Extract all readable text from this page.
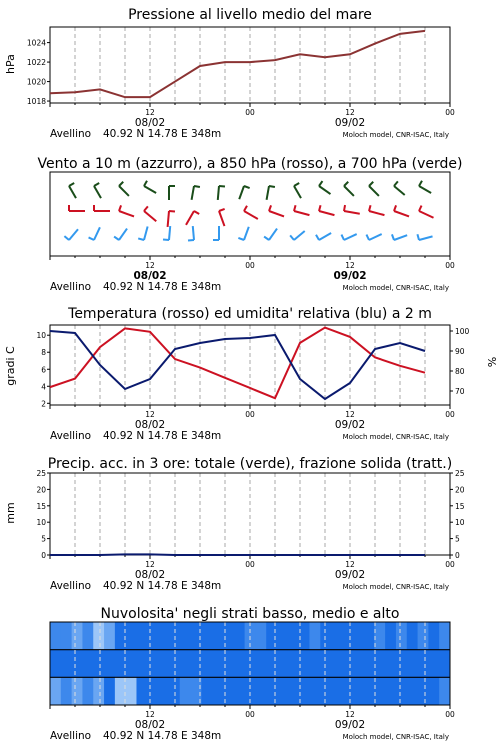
Pressione al livello medio del mare
Vento a 10 m (azzurro), a 850 hPa (rosso), a 700 hPa (verde)
Temperatura (rosso) ed umidita' relativa (blu) a 2 m
Precip. acc. in 3 ore: totale (verde), frazione solida (tratt.)
Nuvolosita' negli strati basso, medio e alto
hPa
gradi C	%
mm
1018
1020
1022
1024
12	00	12	00
08/02	09/02
Avellino 40.92 N 14.78 E 348m	Moloch model, CNR-ISAC, Italy
12	00	12	00
08/02	09/02
Avellino 40.92 N 14.78 E 348m	Moloch model, CNR-ISAC, Italy
2
4
6
8
10
70
80
90
100
12	00	12	00
08/02	09/02
Avellino 40.92 N 14.78 E 348m	Moloch model, CNR-ISAC, Italy
0
5
10
15
20
25
0
5
10
15
20
25
12	00	12	00
08/02	09/02
Avellino 40.92 N 14.78 E 348m	Moloch model, CNR-ISAC, Italy
12	00	12	00
08/02	09/02
Avellino 40.92 N 14.78 E 348m	Moloch model, CNR-ISAC, Italy
